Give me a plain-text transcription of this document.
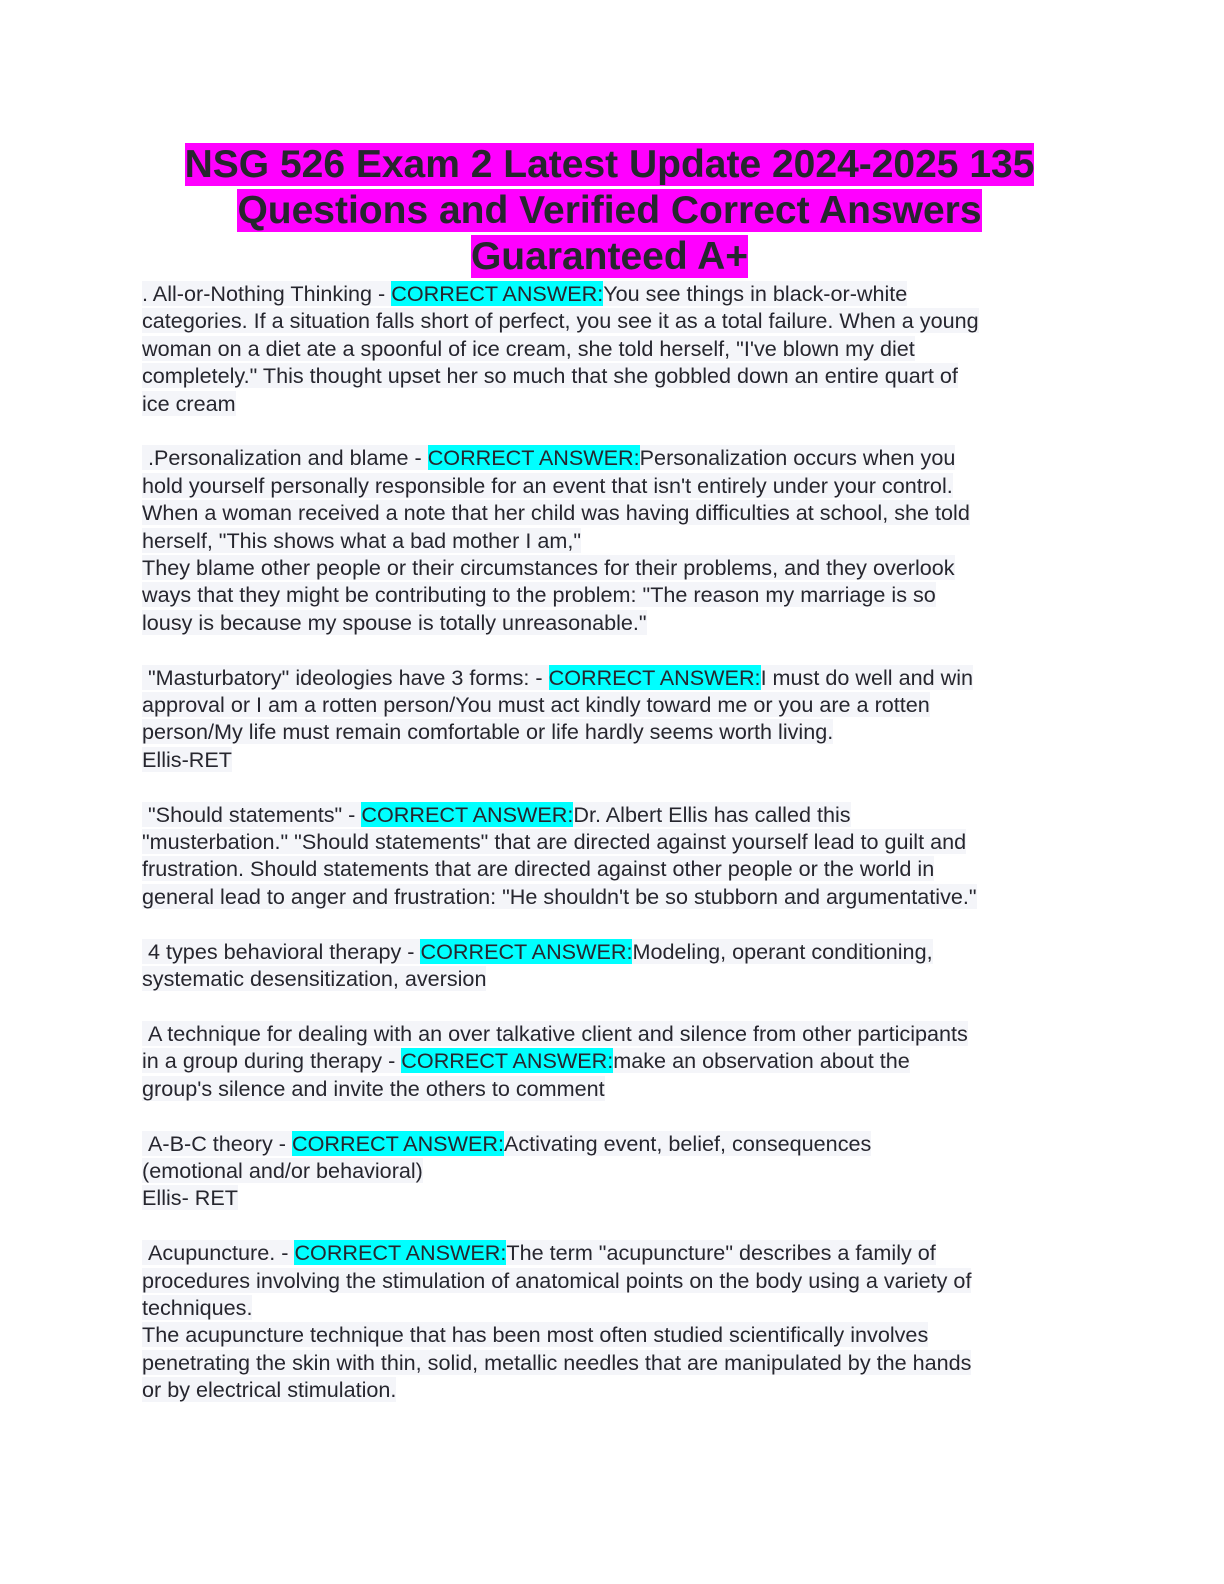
NSG 526 Exam 2 Latest Update 2024-2025 135
Questions and Verified Correct Answers
Guaranteed A+
. All-or-Nothing Thinking - CORRECT ANSWER:You see things in black-or-white
categories. If a situation falls short of perfect, you see it as a total failure. When a young
woman on a diet ate a spoonful of ice cream, she told herself, "I've blown my diet
completely." This thought upset her so much that she gobbled down an entire quart of
ice cream
.Personalization and blame - CORRECT ANSWER:Personalization occurs when you
hold yourself personally responsible for an event that isn't entirely under your control.
When a woman received a note that her child was having difficulties at school, she told
herself, "This shows what a bad mother I am,"
They blame other people or their circumstances for their problems, and they overlook
ways that they might be contributing to the problem: "The reason my marriage is so
lousy is because my spouse is totally unreasonable."
"Masturbatory" ideologies have 3 forms: - CORRECT ANSWER:I must do well and win
approval or I am a rotten person/You must act kindly toward me or you are a rotten
person/My life must remain comfortable or life hardly seems worth living.
Ellis-RET
"Should statements" - CORRECT ANSWER:Dr. Albert Ellis has called this
"musterbation." "Should statements" that are directed against yourself lead to guilt and
frustration. Should statements that are directed against other people or the world in
general lead to anger and frustration: "He shouldn't be so stubborn and argumentative."
4 types behavioral therapy - CORRECT ANSWER:Modeling, operant conditioning,
systematic desensitization, aversion
A technique for dealing with an over talkative client and silence from other participants
in a group during therapy - CORRECT ANSWER:make an observation about the
group's silence and invite the others to comment
A-B-C theory - CORRECT ANSWER:Activating event, belief, consequences
(emotional and/or behavioral)
Ellis- RET
Acupuncture. - CORRECT ANSWER:The term "acupuncture" describes a family of
procedures involving the stimulation of anatomical points on the body using a variety of
techniques.
The acupuncture technique that has been most often studied scientifically involves
penetrating the skin with thin, solid, metallic needles that are manipulated by the hands
or by electrical stimulation.
